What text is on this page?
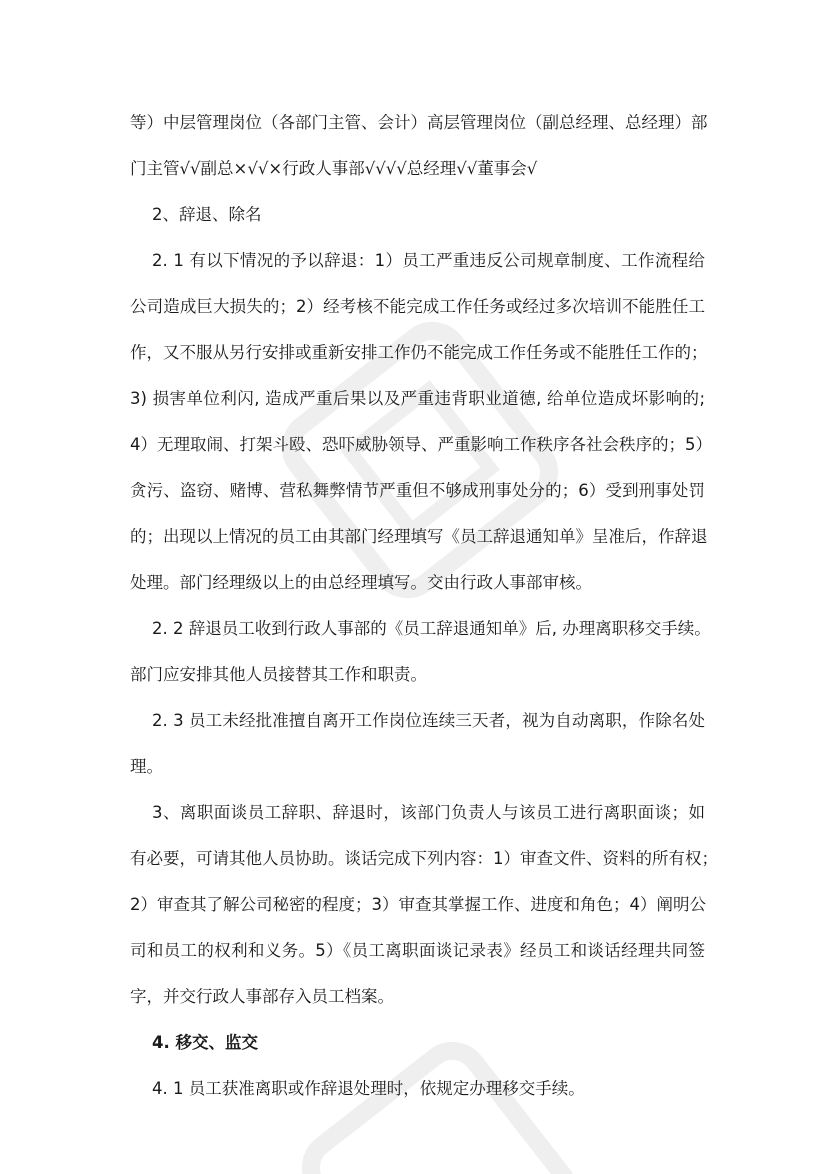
等）中层管理岗位（各部门主管、会计）高层管理岗位（副总经理、总经理）部
门主管√√副总×√√×行政人事部√√√√总经理√√董事会√

2、辞退、除名

2. 1 有以下情况的予以辞退：1）员工严重违反公司规章制度、工作流程给
公司造成巨大损失的；2）经考核不能完成工作任务或经过多次培训不能胜任工
作，又不服从另行安排或重新安排工作仍不能完成工作任务或不能胜任工作的；
3) 损害单位利闪, 造成严重后果以及严重违背职业道德, 给单位造成坏影响的;
4）无理取闹、打架斗殴、恐吓威胁领导、严重影响工作秩序各社会秩序的；5）
贪污、盗窃、赌博、营私舞弊情节严重但不够成刑事处分的；6）受到刑事处罚
的；出现以上情况的员工由其部门经理填写《员工辞退通知单》呈准后，作辞退
处理。部门经理级以上的由总经理填写。交由行政人事部审核。

2. 2 辞退员工收到行政人事部的《员工辞退通知单》后, 办理离职移交手续。
部门应安排其他人员接替其工作和职责。

2. 3 员工未经批准擅自离开工作岗位连续三天者，视为自动离职，作除名处
理。

3、离职面谈员工辞职、辞退时，该部门负责人与该员工进行离职面谈；如
有必要，可请其他人员协助。谈话完成下列内容：1）审查文件、资料的所有权；
2）审查其了解公司秘密的程度；3）审查其掌握工作、进度和角色；4）阐明公
司和员工的权利和义务。5）《员工离职面谈记录表》经员工和谈话经理共同签
字，并交行政人事部存入员工档案。

4. 移交、监交

4. 1 员工获准离职或作辞退处理时，依规定办理移交手续。
